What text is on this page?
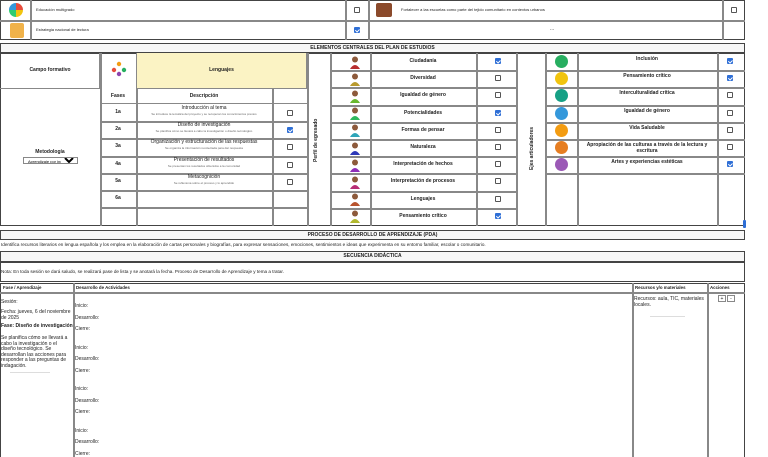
Educación multigrado	Fortalecer a las escuelas como parte del tejido comunitario en contextos urbanos
Estrategia nacional de lectura	...
ELEMENTOS CENTRALES DEL PLAN DE ESTUDIOS
Campo formativo	Lenguajes
Fases	Descripción
Metodología
Aprendizaje por indagación
1a
Introducción al tema
Se introduce la temática del proyecto y se recuperan los conocimientos previos
2a
Diseño de investigación
Se planifica cómo se llevará a cabo la investigación o diseño tecnológico
3a
Organización y estructuración de las respuestas
Se organiza la información recolectada para dar respuesta
4a
Presentación de resultados
Se presentan los resultados obtenidos a la comunidad
5a
Metacognición
Se reflexiona sobre el proceso y lo aprendido
6a
Perfil de egresado
Ciudadanía
Diversidad
Igualdad de género
Potencialidades
Formas de pensar
Naturaleza
Interpretación de hechos
Interpretación de procesos
Lenguajes
Pensamiento crítico
Ejes articuladores
Inclusión
Pensamiento crítico
Interculturalidad crítica
Igualdad de género
Vida Saludable
Apropiación de las culturas a través de la lectura y escritura
Artes y experiencias estéticas
PROCESO DE DESARROLLO DE APRENDIZAJE (PDA)
Identifica recursos literarios en lengua española y los emplea en la elaboración de cartas personales y biografías, para expresar sensaciones, emociones, sentimientos e ideas que experimenta en su entorno familiar, escolar o comunitario.
SECUENCIA DIDÁCTICA
Nota: En toda sesión se dará saludo, se realizará pase de lista y se anotará la fecha. Proceso de Desarrollo de Aprendizaje y tema a tratar.
Fase / Aprendizaje	Desarrollo de Actividades	Recursos y/o materiales	Acciones
Sesión:
Fecha: jueves, 6 del noviembre de 2025
Fase: Diseño de investigación
Se planifica cómo se llevará a cabo la investigación o el diseño tecnológico. Se desarrollan las acciones para responder a las preguntas de indagación.
Inicio:
Desarrollo:
Cierre:
Inicio:
Desarrollo:
Cierre:
Inicio:
Desarrollo:
Cierre:
Inicio:
Desarrollo:
Cierre:
Recursos: aula, TIC, materiales locales.
+	-
